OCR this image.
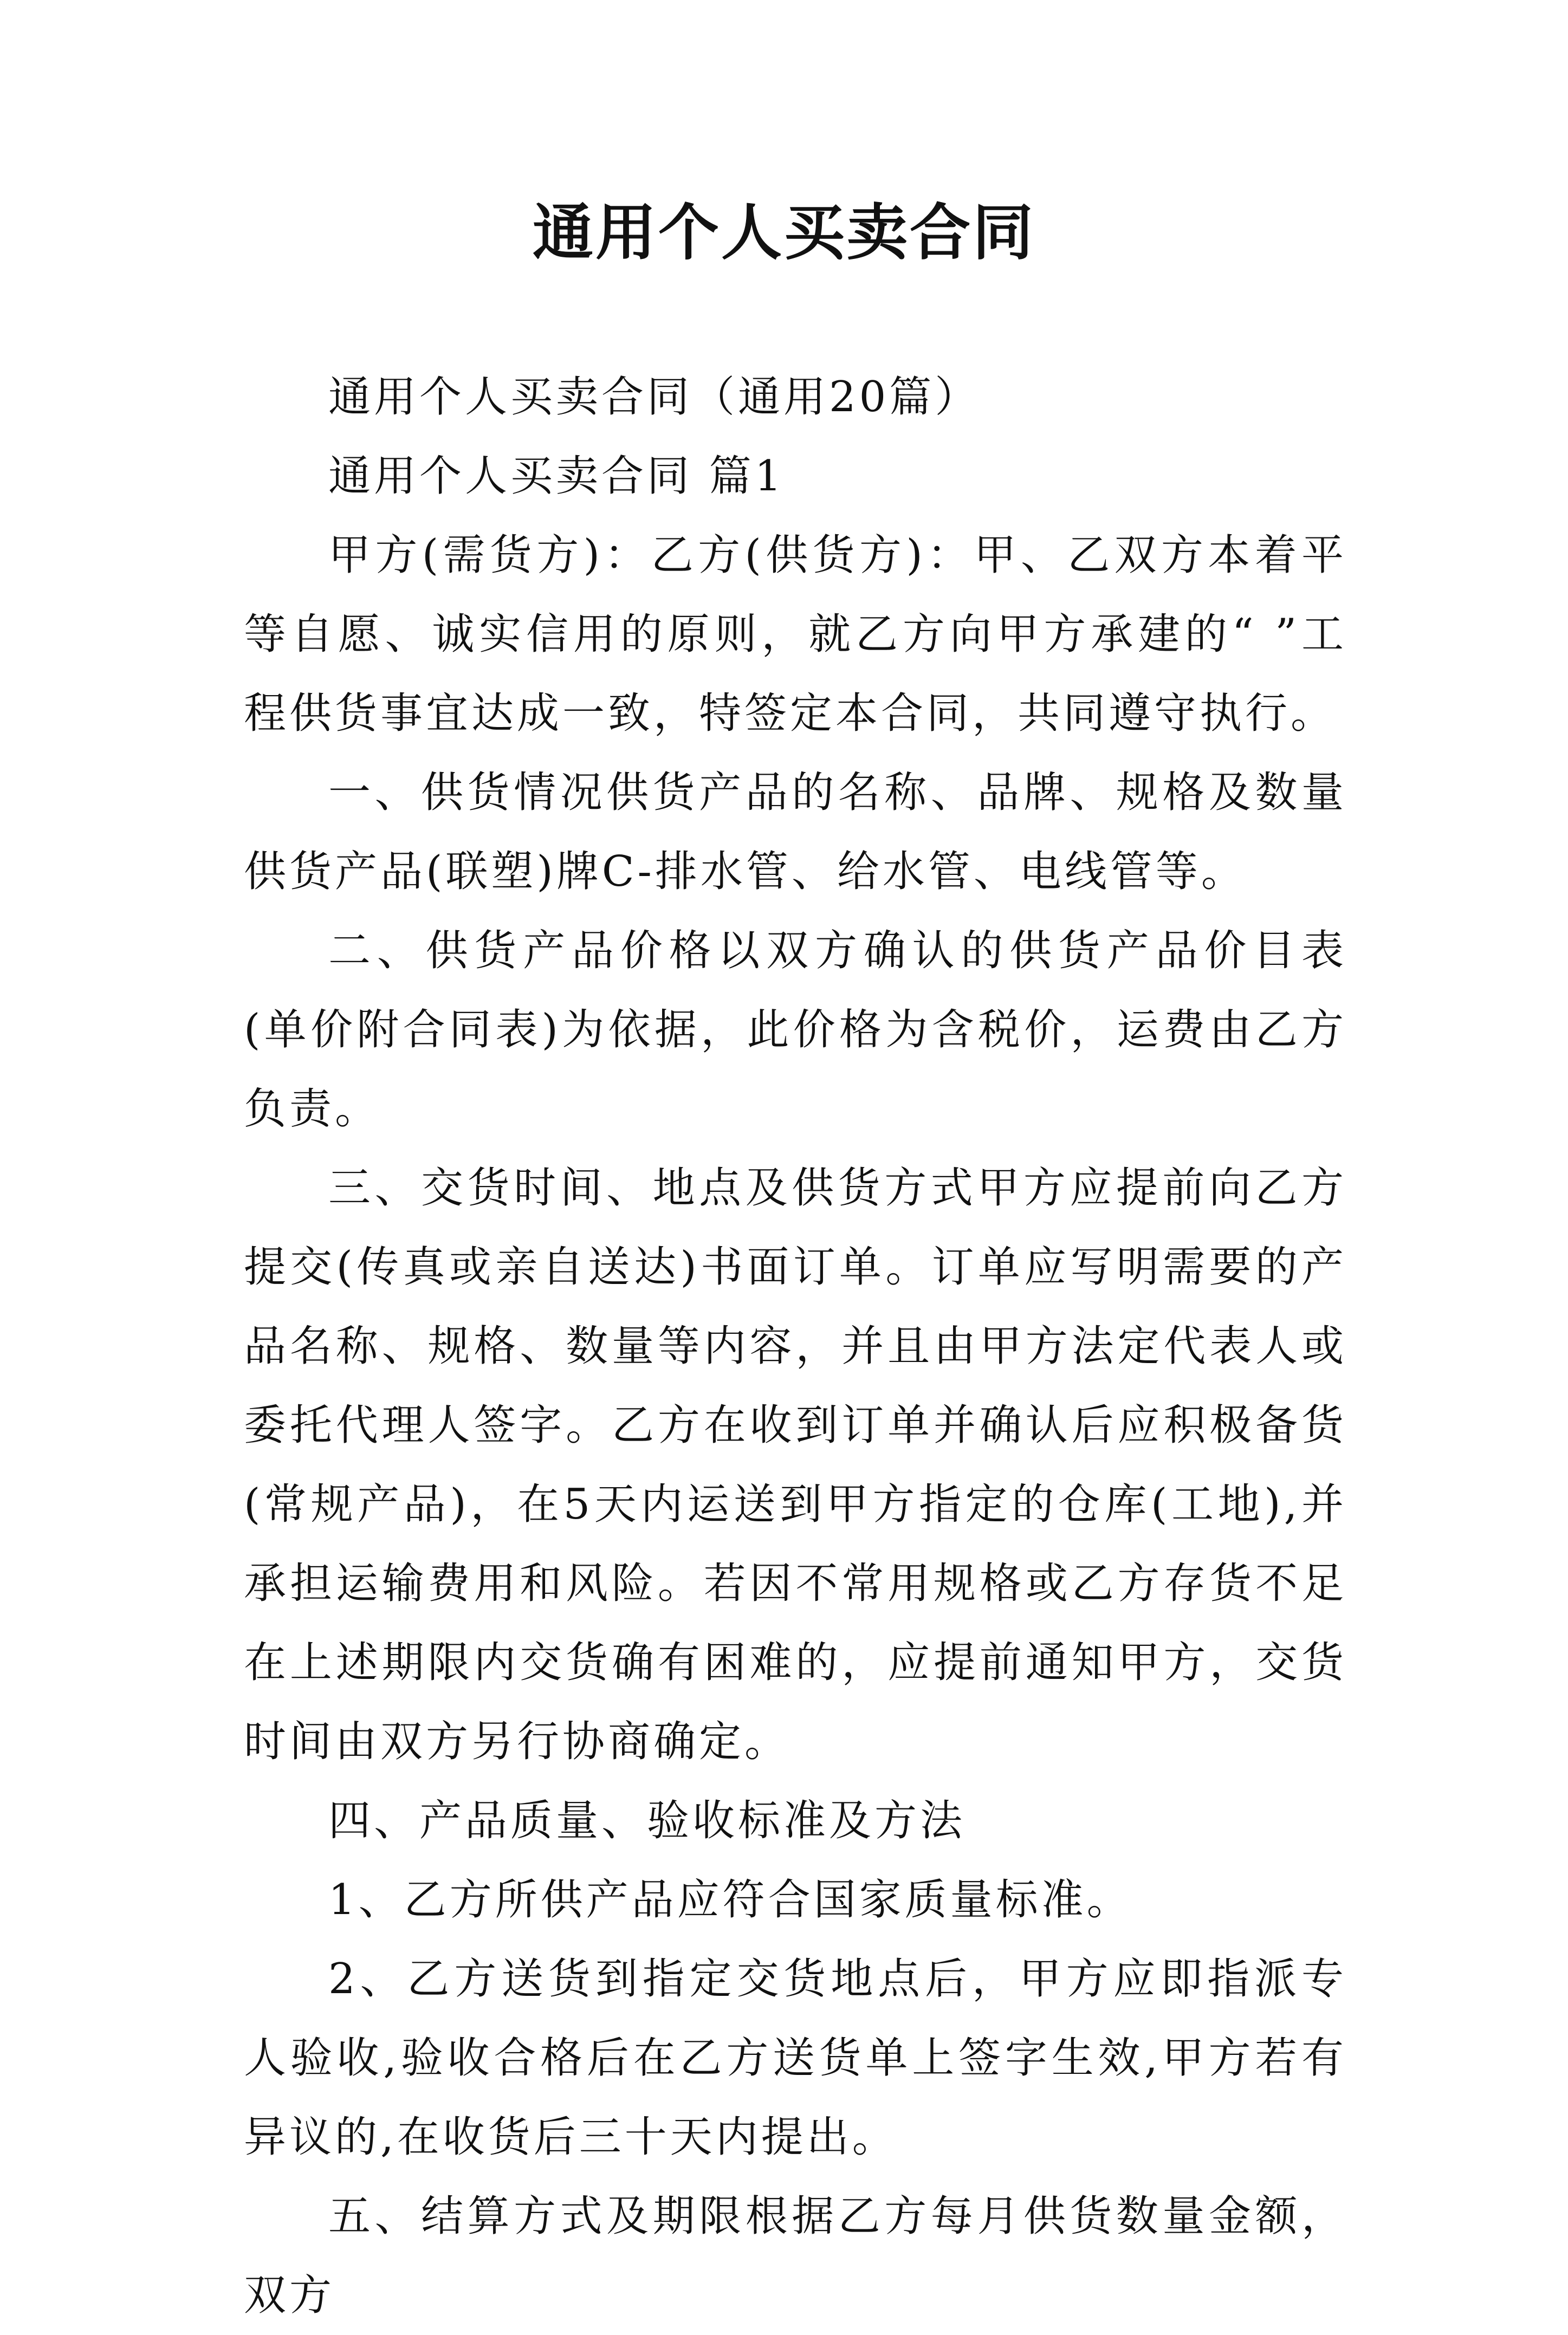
通用个人买卖合同

通用个人买卖合同（通用20篇）

通用个人买卖合同 篇1

甲方(需货方)：乙方(供货方)：甲、乙双方本着平等自愿、诚实信用的原则，就乙方向甲方承建的“ ”工程供货事宜达成一致，特签定本合同，共同遵守执行。

一、供货情况供货产品的名称、品牌、规格及数量供货产品(联塑)牌C-排水管、给水管、电线管等。

二、供货产品价格以双方确认的供货产品价目表(单价附合同表)为依据，此价格为含税价，运费由乙方负责。

三、交货时间、地点及供货方式甲方应提前向乙方提交(传真或亲自送达)书面订单。订单应写明需要的产品名称、规格、数量等内容，并且由甲方法定代表人或委托代理人签字。乙方在收到订单并确认后应积极备货(常规产品)，在5天内运送到甲方指定的仓库(工地),并承担运输费用和风险。若因不常用规格或乙方存货不足在上述期限内交货确有困难的，应提前通知甲方，交货时间由双方另行协商确定。

四、产品质量、验收标准及方法

1、乙方所供产品应符合国家质量标准。

2、乙方送货到指定交货地点后，甲方应即指派专人验收,验收合格后在乙方送货单上签字生效,甲方若有异议的,在收货后三十天内提出。

五、结算方式及期限根据乙方每月供货数量金额，双方
